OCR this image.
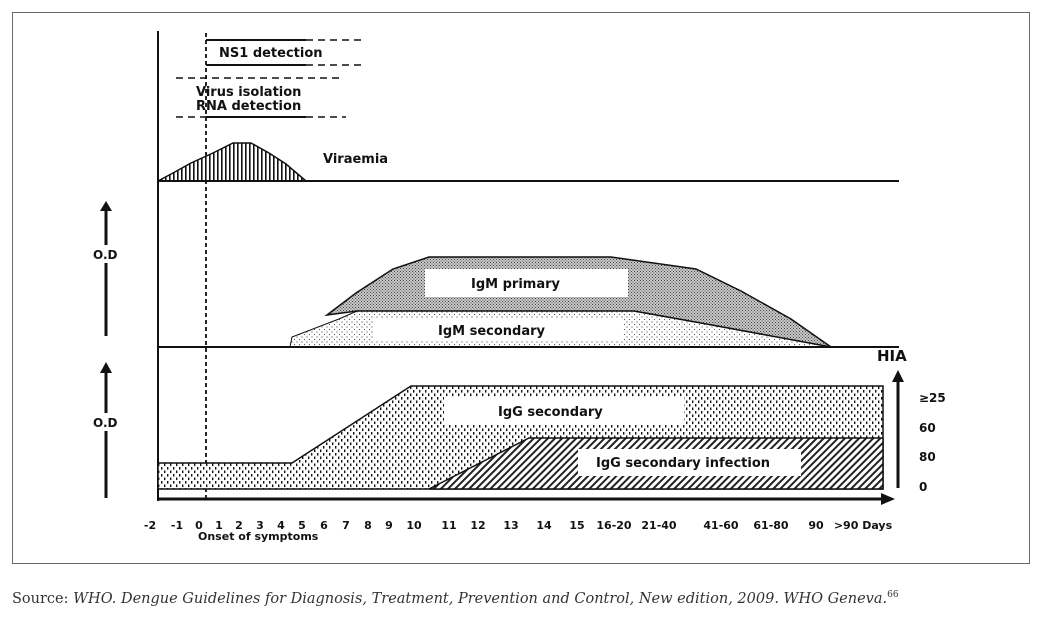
NS1 detection
Virus isolation
RNA detection
Viraemia
O.D
IgM primary
IgM secondary
O.D
IgG secondary
IgG secondary infection
HIA
≥25
60
80
0
-2 -1 0 1 2 3 4 5 6 7 8 9 10 11 12 13 14 15 16-20 21-40 41-60 61-80 90 >90 Days
Onset of symptoms
Source: WHO. Dengue Guidelines for Diagnosis, Treatment, Prevention and Control, New edition, 2009. WHO Geneva.$^{66}$
